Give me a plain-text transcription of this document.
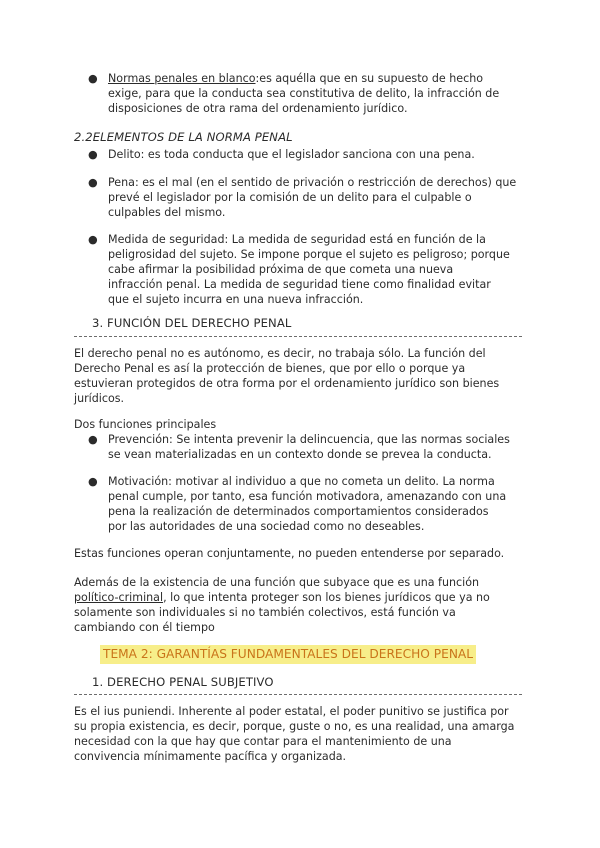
● Normas penales en blanco:es aquélla que en su supuesto de hecho
exige, para que la conducta sea constitutiva de delito, la infracción de
disposiciones de otra rama del ordenamiento jurídico.
2.2ELEMENTOS DE LA NORMA PENAL
● Delito: es toda conducta que el legislador sanciona con una pena.
● Pena: es el mal (en el sentido de privación o restricción de derechos) que
prevé el legislador por la comisión de un delito para el culpable o
culpables del mismo.
● Medida de seguridad: La medida de seguridad está en función de la
peligrosidad del sujeto. Se impone porque el sujeto es peligroso; porque
cabe afirmar la posibilidad próxima de que cometa una nueva
infracción penal. La medida de seguridad tiene como finalidad evitar
que el sujeto incurra en una nueva infracción.
3. FUNCIÓN DEL DERECHO PENAL
El derecho penal no es autónomo, es decir, no trabaja sólo. La función del
Derecho Penal es así la protección de bienes, que por ello o porque ya
estuvieran protegidos de otra forma por el ordenamiento jurídico son bienes
jurídicos.
Dos funciones principales
● Prevención: Se intenta prevenir la delincuencia, que las normas sociales
se vean materializadas en un contexto donde se prevea la conducta.
● Motivación: motivar al individuo a que no cometa un delito. La norma
penal cumple, por tanto, esa función motivadora, amenazando con una
pena la realización de determinados comportamientos considerados
por las autoridades de una sociedad como no deseables.
Estas funciones operan conjuntamente, no pueden entenderse por separado.
Además de la existencia de una función que subyace que es una función
político-criminal, lo que intenta proteger son los bienes jurídicos que ya no
solamente son individuales si no también colectivos, está función va
cambiando con él tiempo
TEMA 2: GARANTÍAS FUNDAMENTALES DEL DERECHO PENAL
1. DERECHO PENAL SUBJETIVO
Es el ius puniendi. Inherente al poder estatal, el poder punitivo se justifica por
su propia existencia, es decir, porque, guste o no, es una realidad, una amarga
necesidad con la que hay que contar para el mantenimiento de una
convivencia mínimamente pacífica y organizada.
